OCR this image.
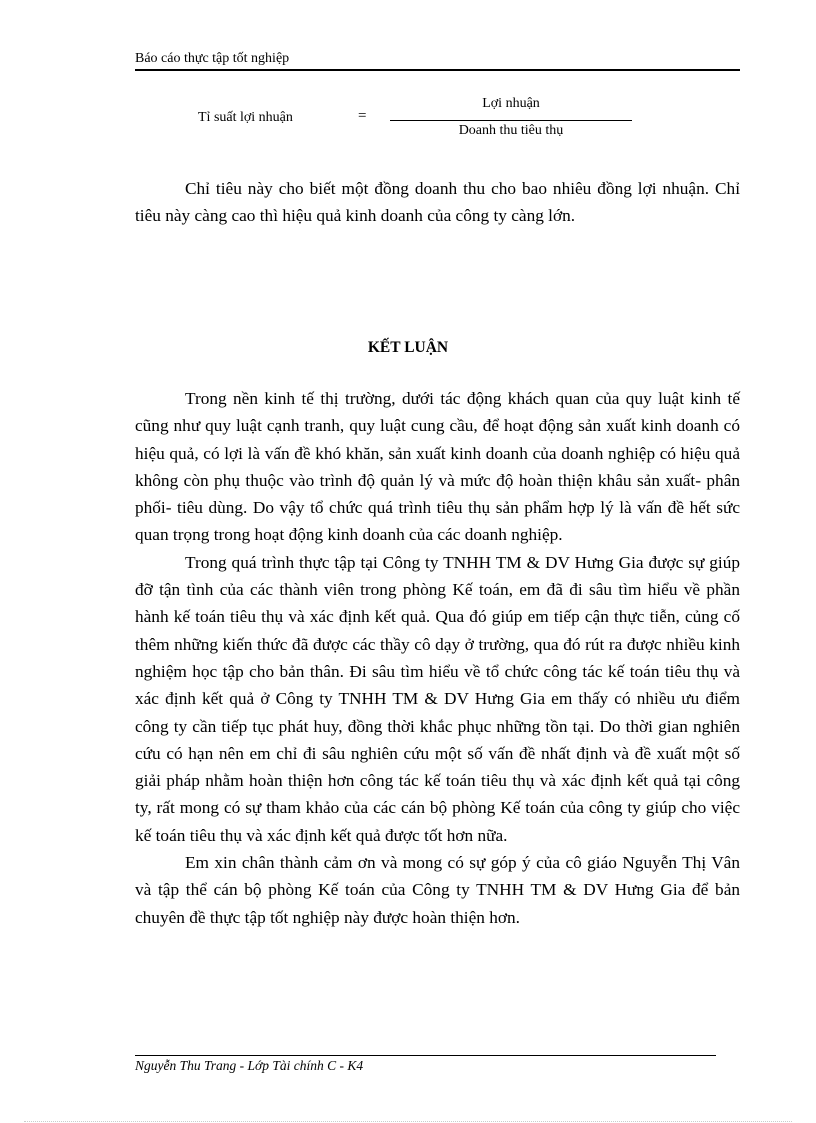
Báo cáo thực tập tốt nghiệp
Tỉ suất lợi nhuận	=
Lợi nhuận
Doanh thu tiêu thụ

Chỉ tiêu này cho biết một đồng doanh thu cho bao nhiêu đồng lợi nhuận. Chỉ tiêu này càng cao thì hiệu quả kinh doanh của công ty càng lớn.

KẾT LUẬN

Trong nền kinh tế thị trường, dưới tác động khách quan của quy luật kinh tế cũng như quy luật cạnh tranh, quy luật cung cầu, để hoạt động sản xuất kinh doanh có hiệu quả, có lợi là vấn đề khó khăn, sản xuất kinh doanh của doanh nghiệp có hiệu quả không còn phụ thuộc vào trình độ quản lý và mức độ hoàn thiện khâu sản xuất- phân phối- tiêu dùng. Do vậy tổ chức quá trình tiêu thụ sản phẩm hợp lý là vấn đề hết sức quan trọng trong hoạt động kinh doanh của các doanh nghiệp.

Trong quá trình thực tập tại Công ty TNHH TM & DV Hưng Gia được sự giúp đỡ tận tình của các thành viên trong phòng Kế toán, em đã đi sâu tìm hiểu về phần hành kế toán tiêu thụ và xác định kết quả. Qua đó giúp em tiếp cận thực tiễn, củng cố thêm những kiến thức đã được các thầy cô dạy ở trường, qua đó rút ra được nhiều kinh nghiệm học tập cho bản thân. Đi sâu tìm hiểu về tổ chức công tác kế toán tiêu thụ và xác định kết quả ở Công ty TNHH TM & DV Hưng Gia em thấy có nhiều ưu điểm công ty cần tiếp tục phát huy, đồng thời khắc phục những tồn tại. Do thời gian nghiên cứu có hạn nên em chỉ đi sâu nghiên cứu một số vấn đề nhất định và đề xuất một số giải pháp nhằm hoàn thiện hơn công tác kế toán tiêu thụ và xác định kết quả tại công ty, rất mong có sự tham khảo của các cán bộ phòng Kế toán của công ty giúp cho việc kế toán tiêu thụ và xác định kết quả được tốt hơn nữa.

Em xin chân thành cảm ơn và mong có sự góp ý của cô giáo Nguyễn Thị Vân và tập thể cán bộ phòng Kế toán của Công ty TNHH TM & DV Hưng Gia để bản chuyên đề thực tập tốt nghiệp này được hoàn thiện hơn.

Nguyễn Thu Trang - Lớp Tài chính C - K4
